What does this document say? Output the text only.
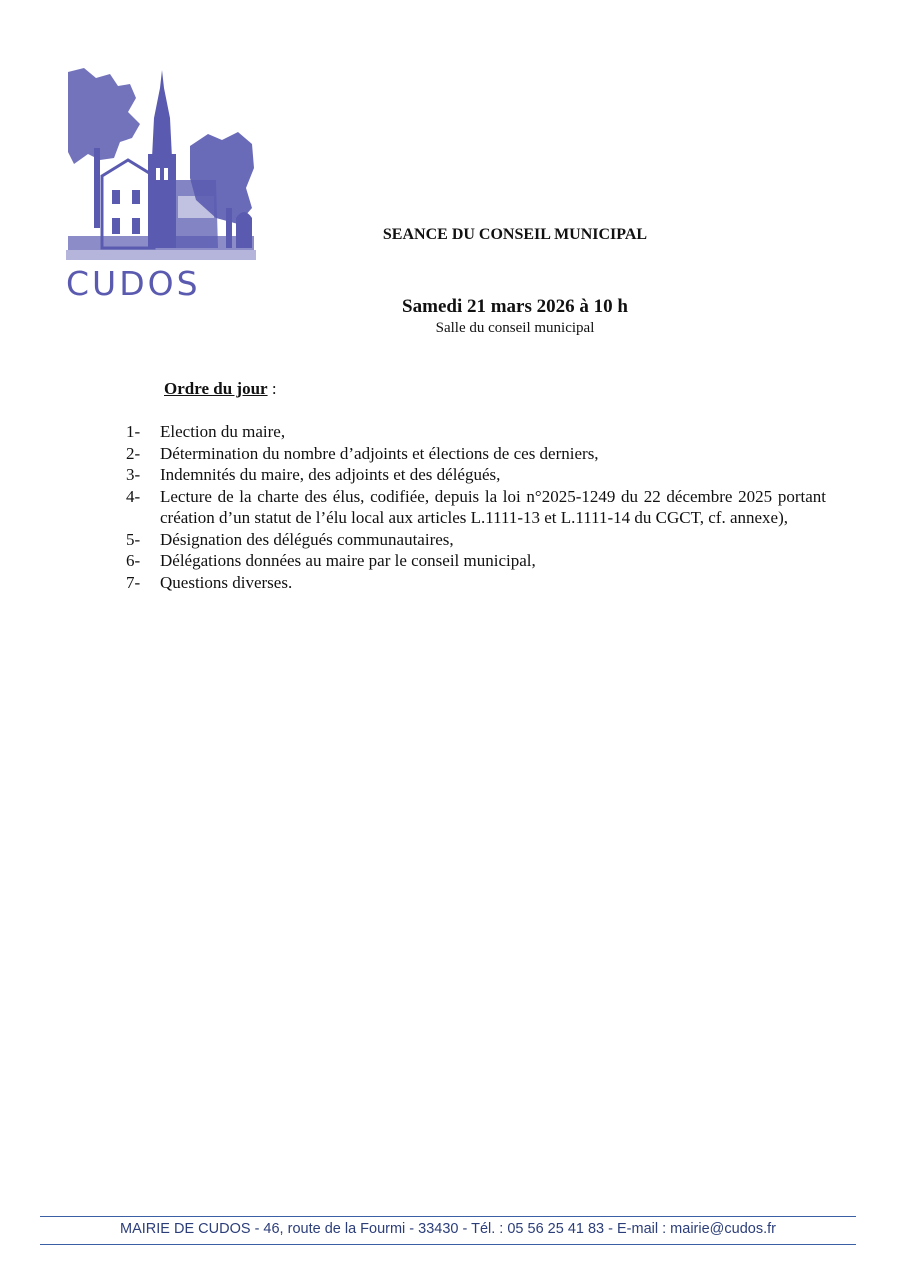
CUDOS
SEANCE DU CONSEIL MUNICIPAL
Samedi 21 mars 2026 à 10 h
Salle du conseil municipal
Ordre du jour :
1-	Election du maire,
2-	Détermination du nombre d’adjoints et élections de ces derniers,
3-	Indemnités du maire, des adjoints et des délégués,
4-	Lecture de la charte des élus, codifiée, depuis la loi n°2025-1249 du 22 décembre 2025 portant création d’un statut de l’élu local aux articles L.1111-13 et L.1111-14 du CGCT, cf. annexe),
5-	Désignation des délégués communautaires,
6-	Délégations données au maire par le conseil municipal,
7-	Questions diverses.
MAIRIE DE CUDOS - 46, route de la Fourmi - 33430 - Tél. : 05 56 25 41 83 - E-mail : mairie@cudos.fr
